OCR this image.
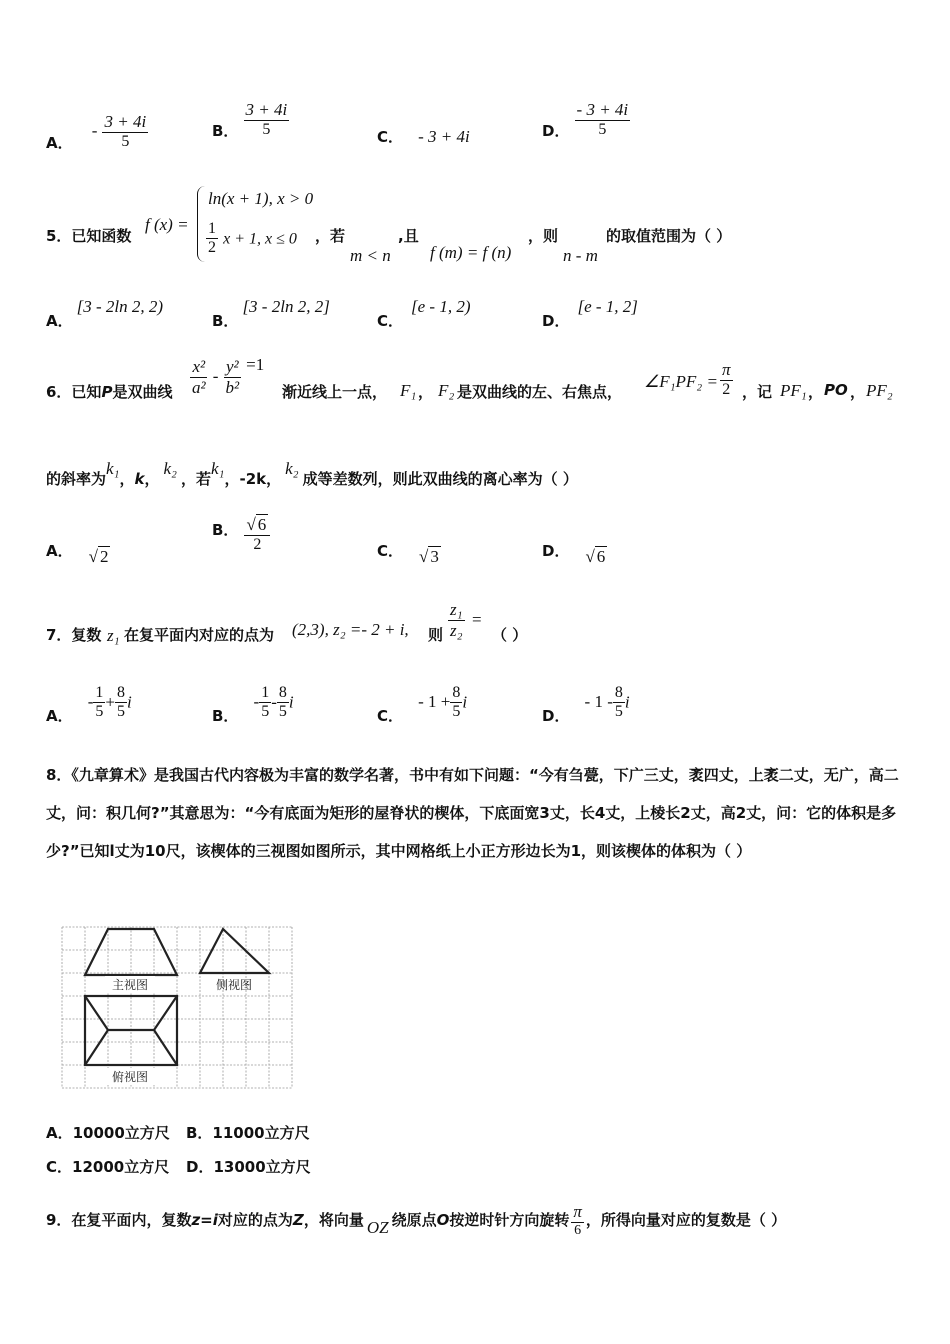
A． - $\frac{3 + 4i}{5}$	B． $\frac{3 + 4i}{5}$	C． - 3 + 4i	D． $\frac{- 3 + 4i}{5}$
5．已知函数
f (x) =
ln(x + 1), x > 0
$\frac{1}{2}$ x + 1, x ≤ 0 ，若
m < n
,且
f (m) = f (n)
，则
n - m
的取值范围为（ ）
A．[3 - 2ln 2, 2)
B．[3 - 2ln 2, 2]
C．[e - 1, 2)
D．[e - 1, 2]
6．已知P是双曲线 $\frac{\text{x²}}{\text{a²}} - \frac{\text{y²}}{\text{b²}} =1$
渐近线上一点， F₁ ， F₂ 是双曲线的左、右焦点，
∠F₁PF₂ = $\frac{\pi}{2}$ ，记 PF₁ ， PO ， PF₂
的斜率为k₁，k，k₂，若k₁，-2k，k₂成等差数列，则此双曲线的离心率为（ ）
A． √ 2
B． $\frac{√ 6}{2}$	C． √ 3	D． √ 6
7．复数 z₁ 在复平面内对应的点为 (2,3), z₂ =- 2 + i, 则 $\frac{\text{z₁}}{\text{z₂}}$ =
（ ）
A． - $\frac{1}{5} + \frac{8}{5}$ i
B． - $\frac{1}{5} - \frac{8}{5}$ i
C． - $1 + \frac{8}{5}$ i
D． - $1 - \frac{8}{5}$ i
8．《九章算术》是我国古代内容极为丰富的数学名著，书中有如下问题：“今有刍甍，下广三丈，袤四丈，上袤二丈，无广，高二丈，问：积几何?”其意思为：“今有底面为矩形的屋脊状的楔体，下底面宽3丈，长4丈，上棱长2丈，高2丈，问：它的体积是多少?”已知l丈为10尺，该楔体的三视图如图所示，其中网格纸上小正方形边长为1，则该楔体的体积为（ ）
主视图	侧视图
俯视图
A．10000立方尺 B．11000立方尺
C．12000立方尺 D．13000立方尺
9．在复平面内，复数z=i对应的点为Z，将向量 OZ 绕原点O按逆时针方向旋转 $\frac{\pi}{6}$ ，所得向量对应的复数是（ ）
